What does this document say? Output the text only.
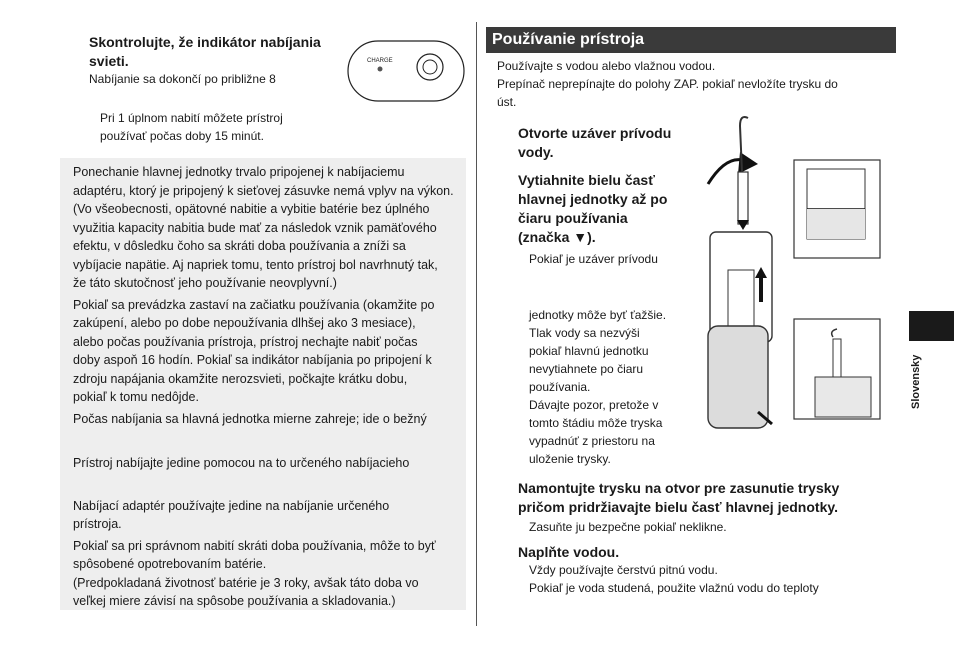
Skontrolujte, že indikátor nabíjania
svieti.
Nabíjanie sa dokončí po približne 8
CHARGE
Pri 1 úplnom nabití môžete prístroj
používať počas doby 15 minút.

Ponechanie hlavnej jednotky trvalo pripojenej k nabíjaciemu

adaptéru, ktorý je pripojený k sieťovej zásuvke nemá vplyv na výkon.

(Vo všeobecnosti, opätovné nabitie a vybitie batérie bez úplného

využitia kapacity nabitia bude mať za následok vznik pamäťového

efektu, v dôsledku čoho sa skráti doba používania a zníži sa

vybíjacie napätie. Aj napriek tomu, tento prístroj bol navrhnutý tak,

že táto skutočnosť jeho používanie neovplyvní.)

Pokiaľ sa prevádzka zastaví na začiatku používania (okamžite po

zakúpení, alebo po dobe nepoužívania dlhšej ako 3 mesiace),

alebo počas používania prístroja, prístroj nechajte nabiť počas

doby aspoň 16 hodín. Pokiaľ sa indikátor nabíjania po pripojení k

zdroju napájania okamžite nerozsvieti, počkajte krátku dobu,

pokiaľ k tomu nedôjde.

Počas nabíjania sa hlavná jednotka mierne zahreje; ide o bežný

Prístroj nabíjajte jedine pomocou na to určeného nabíjacieho

Nabíjací adaptér používajte jedine na nabíjanie určeného

prístroja.

Pokiaľ sa pri správnom nabití skráti doba používania, môže to byť

spôsobené opotrebovaním batérie.

(Predpokladaná životnosť batérie je 3 roky, avšak táto doba vo

veľkej miere závisí na spôsobe používania a skladovania.)

Používanie prístroja
Používajte s vodou alebo vlažnou vodou.
Prepínač neprepínajte do polohy ZAP. pokiaľ nevložíte trysku do
úst.
Otvorte uzáver prívodu
vody.
Vytiahnite bielu časť
hlavnej jednotky až po
čiaru používania
(značka ▼).
Pokiaľ je uzáver prívodu
jednotky môže byť ťažšie.
Tlak vody sa nezvýši
pokiaľ hlavnú jednotku
nevytiahnete po čiaru
používania.
Dávajte pozor, pretože v
tomto štádiu môže tryska
vypadnúť z priestoru na
uloženie trysky.
Namontujte trysku na otvor pre zasunutie trysky
pričom pridržiavajte bielu časť hlavnej jednotky.
Zasuňte ju bezpečne pokiaľ neklikne.
Naplňte vodou.
Vždy používajte čerstvú pitnú vodu.
Pokiaľ je voda studená, použite vlažnú vodu do teploty
Slovensky
